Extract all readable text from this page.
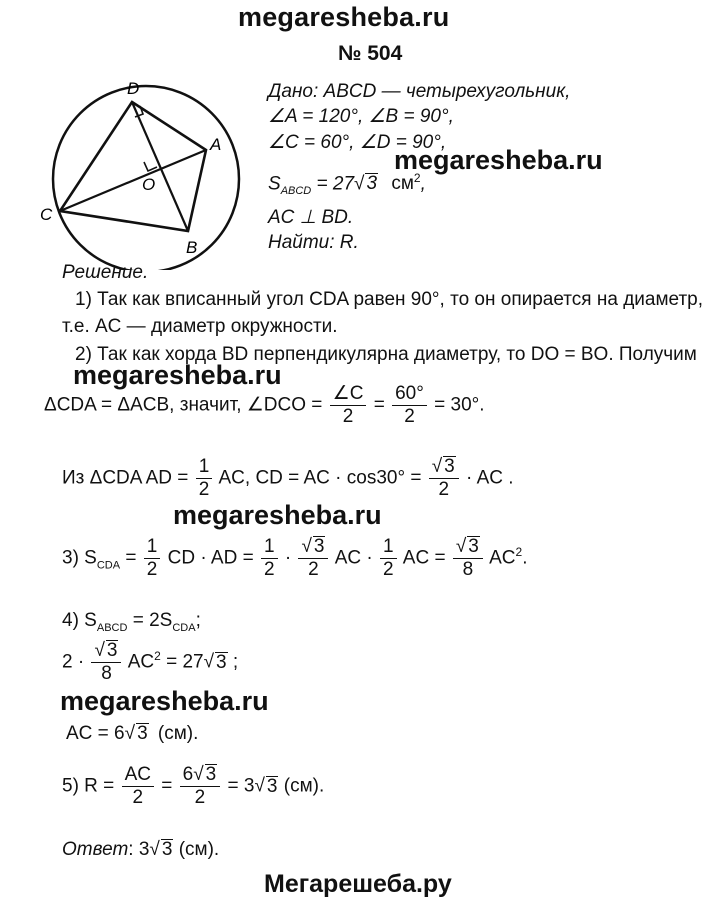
megaresheba.ru
№ 504
D
A
C
B
O
Дано: ABCD — четырехугольник,
∠A = 120°, ∠B = 90°,
∠C = 60°, ∠D = 90°,
$S_{ABCD} = 27√$ 3 $см^2$,
AC ⊥ BD.
Найти: R.
megaresheba.ru
Решение.
1) Так как вписанный угол CDA равен 90°, то он опирается на диаметр,
т.е. AC — диаметр окружности.
2) Так как хорда BD перпендикулярна диаметру, то DO = BO. Получим
megaresheba.ru
ΔCDA = ΔACB, значит, ∠DCO = $\frac{\angle C}{2} = \frac{60^\circ}{2} = 30^\circ$.
Из ΔCDA AD = $\frac{1}{2}$ AC, CD = AC · $\cos 30^\circ = \frac{√ 3}{2}$ · AC .
megaresheba.ru
3) $S_{CDA} = \frac{1}{2}$ CD · AD = $\frac{1}{2} \cdot \frac{√ 3}{2}$ AC · $\frac{1}{2}$ AC = $\frac{√ 3}{8} AC^2$.
4) $S_{ABCD} = 2S_{CDA}$;
$2 \cdot \frac{√ 3}{8} AC^2 = 27√$ 3 ;
megaresheba.ru
AC = 6√ 3 (см).
5) $R = \frac{AC}{2} = \frac{6√ 3}{2} = 3√$ 3 (см).
Ответ: 3√ 3 (см).
Мегарешеба.ру
